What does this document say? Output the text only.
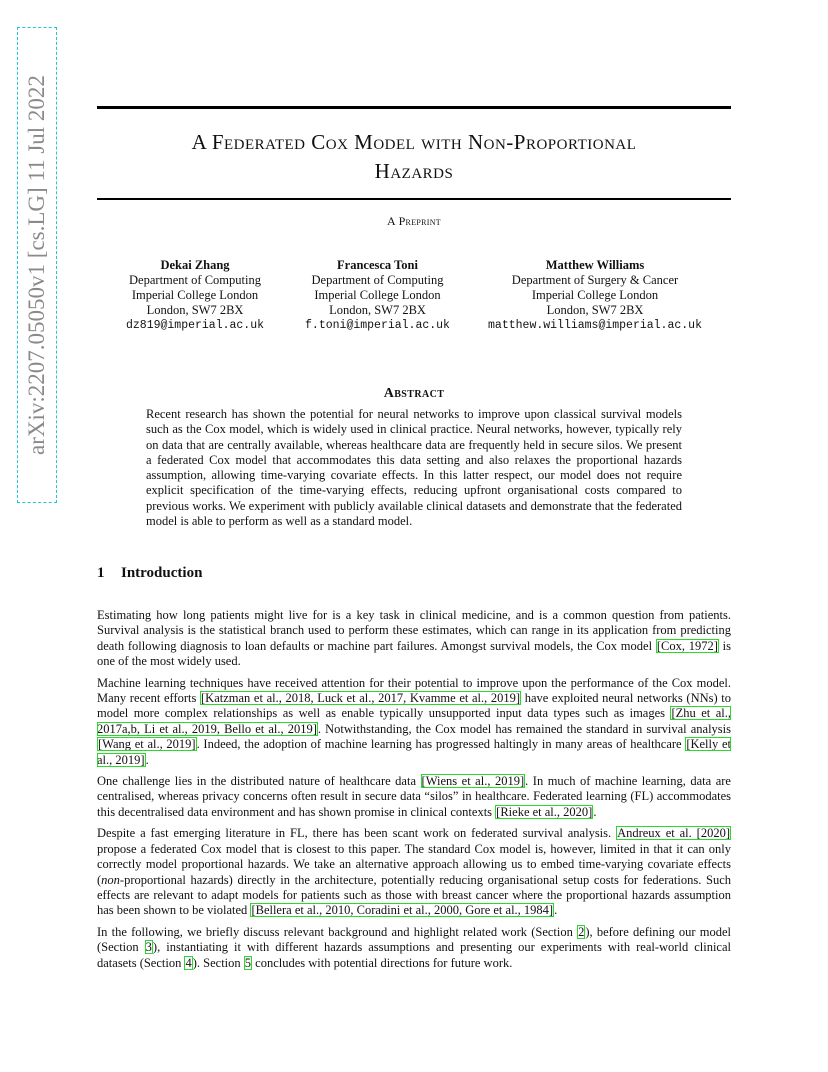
arXiv:2207.05050v1 [cs.LG] 11 Jul 2022	A Federated Cox Model with Non-Proportional
Hazards
A Preprint
Dekai Zhang
Department of Computing
Imperial College London
London, SW7 2BX
dz819@imperial.ac.uk
Francesca Toni
Department of Computing
Imperial College London
London, SW7 2BX
f.toni@imperial.ac.uk
Matthew Williams
Department of Surgery & Cancer
Imperial College London
London, SW7 2BX
matthew.williams@imperial.ac.uk
Abstract
Recent research has shown the potential for neural networks to improve upon classical survival models such as the Cox model, which is widely used in clinical practice. Neural networks, however, typically rely on data that are centrally available, whereas healthcare data are frequently held in secure silos. We present a federated Cox model that accommodates this data setting and also relaxes the proportional hazards assumption, allowing time-varying covariate effects. In this latter respect, our model does not require explicit specification of the time-varying effects, reducing upfront organisational costs compared to previous works. We experiment with publicly available clinical datasets and demonstrate that the federated model is able to perform as well as a standard model.
1 Introduction

Estimating how long patients might live for is a key task in clinical medicine, and is a common question from patients. Survival analysis is the statistical branch used to perform these estimates, which can range in its application from predicting death following diagnosis to loan defaults or machine part failures. Amongst survival models, the Cox model [Cox, 1972] is one of the most widely used.

Machine learning techniques have received attention for their potential to improve upon the performance of the Cox model. Many recent efforts [Katzman et al., 2018, Luck et al., 2017, Kvamme et al., 2019] have exploited neural networks (NNs) to model more complex relationships as well as enable typically unsupported input data types such as images [Zhu et al., 2017a,b, Li et al., 2019, Bello et al., 2019]. Notwithstanding, the Cox model has remained the standard in survival analysis [Wang et al., 2019]. Indeed, the adoption of machine learning has progressed haltingly in many areas of healthcare [Kelly et al., 2019].

One challenge lies in the distributed nature of healthcare data [Wiens et al., 2019]. In much of machine learning, data are centralised, whereas privacy concerns often result in secure data “silos” in healthcare. Federated learning (FL) accommodates this decentralised data environment and has shown promise in clinical contexts [Rieke et al., 2020].

Despite a fast emerging literature in FL, there has been scant work on federated survival analysis. Andreux et al. [2020] propose a federated Cox model that is closest to this paper. The standard Cox model is, however, limited in that it can only correctly model proportional hazards. We take an alternative approach allowing us to embed time-varying covariate effects (non-proportional hazards) directly in the architecture, potentially reducing organisational setup costs for federations. Such effects are relevant to adapt models for patients such as those with breast cancer where the proportional hazards assumption has been shown to be violated [Bellera et al., 2010, Coradini et al., 2000, Gore et al., 1984].

In the following, we briefly discuss relevant background and highlight related work (Section 2), before defining our model (Section 3), instantiating it with different hazards assumptions and presenting our experiments with real-world clinical datasets (Section 4). Section 5 concludes with potential directions for future work.
